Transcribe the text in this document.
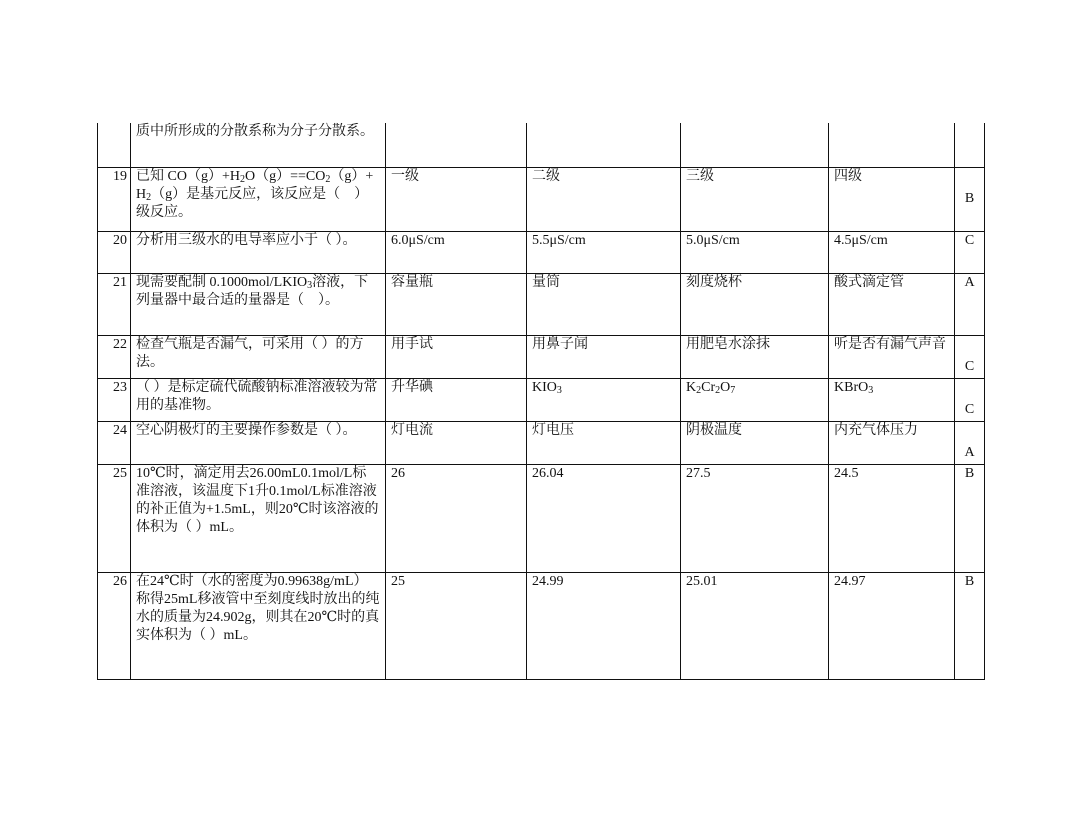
	质中所形成的分散系称为分子分散系。					
19	已知 $CO(g)+H_2O(g)==CO_2(g)+H_2(g)$是基元反应，该反应是（　）级反应。	一级	二级	三级	四级	B
20	分析用三级水的电导率应小于（ ）。	6.0μS/cm	5.5μS/cm	5.0μS/cm	4.5μS/cm	C
21	现需要配制 $0.1000mol/LKIO_3$溶液，下列量器中最合适的量器是（　）。	容量瓶	量筒	刻度烧杯	酸式滴定管	A
22	检查气瓶是否漏气，可采用（ ）的方法。	用手试	用鼻子闻	用肥皂水涂抹	听是否有漏气声音	C
23	（ ）是标定硫代硫酸钠标准溶液较为常用的基准物。	升华碘	$KIO_3$	$K_2Cr_2O_7$	KBrO$_3$	C
24	空心阴极灯的主要操作参数是（ ）。	灯电流	灯电压	阴极温度	内充气体压力	A
25	10℃时，滴定用去26.00mL0.1mol/L标准溶液，该温度下1升0.1mol/L标准溶液的补正值为+1.5mL，则20℃时该溶液的体积为（ ）mL。	26	26.04	27.5	24.5	B
26	在24℃时（水的密度为0.99638g/mL）称得25mL移液管中至刻度线时放出的纯水的质量为24.902g，则其在20℃时的真实体积为（ ）mL。	25	24.99	25.01	24.97	B
